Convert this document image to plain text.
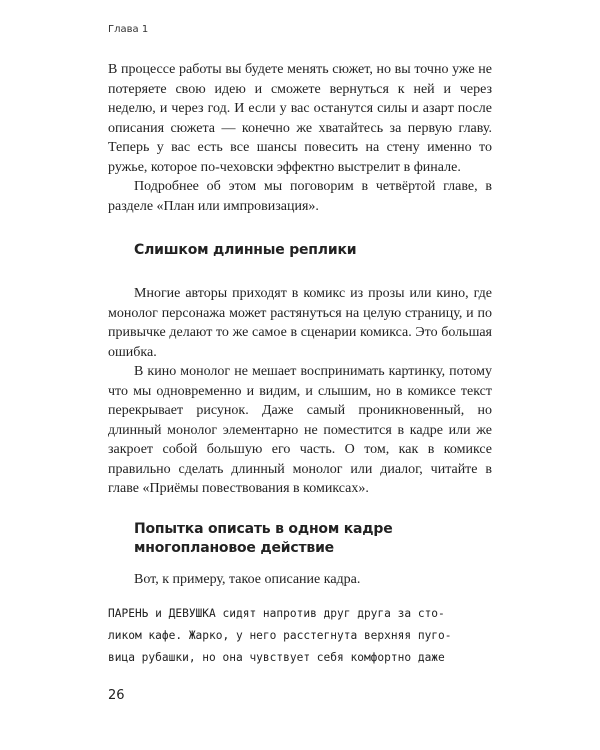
Глава 1

В процессе работы вы будете менять сюжет, но вы точно уже не потеряете свою идею и сможете вернуться к ней и через неделю, и через год. И если у вас останутся силы и азарт после описания сюжета — конечно же хватайтесь за первую главу. Теперь у вас есть все шансы повесить на стену именно то ружье, которое по-чеховски эффектно выстрелит в финале.

Подробнее об этом мы поговорим в четвёртой главе, в разделе «План или импровизация».

Слишком длинные реплики

Многие авторы приходят в комикс из прозы или кино, где монолог персонажа может растянуться на целую страницу, и по привычке делают то же самое в сценарии комикса. Это большая ошибка.

В кино монолог не мешает воспринимать картинку, потому что мы одновременно и видим, и слышим, но в комиксе текст перекрывает рисунок. Даже самый проникновенный, но длинный монолог элементарно не поместится в кадре или же закроет собой большую его часть. О том, как в комиксе правильно сделать длинный монолог или диалог, читайте в главе «Приёмы повествования в комиксах».

Попытка описать в одном кадре многоплановое действие

Вот, к примеру, такое описание кадра.

ПАРЕНЬ и ДЕВУШКА сидят напротив друг друга за сто-
ликом кафе. Жарко, у него расстегнута верхняя пуго-
вица рубашки, но она чувствует себя комфортно даже
26
